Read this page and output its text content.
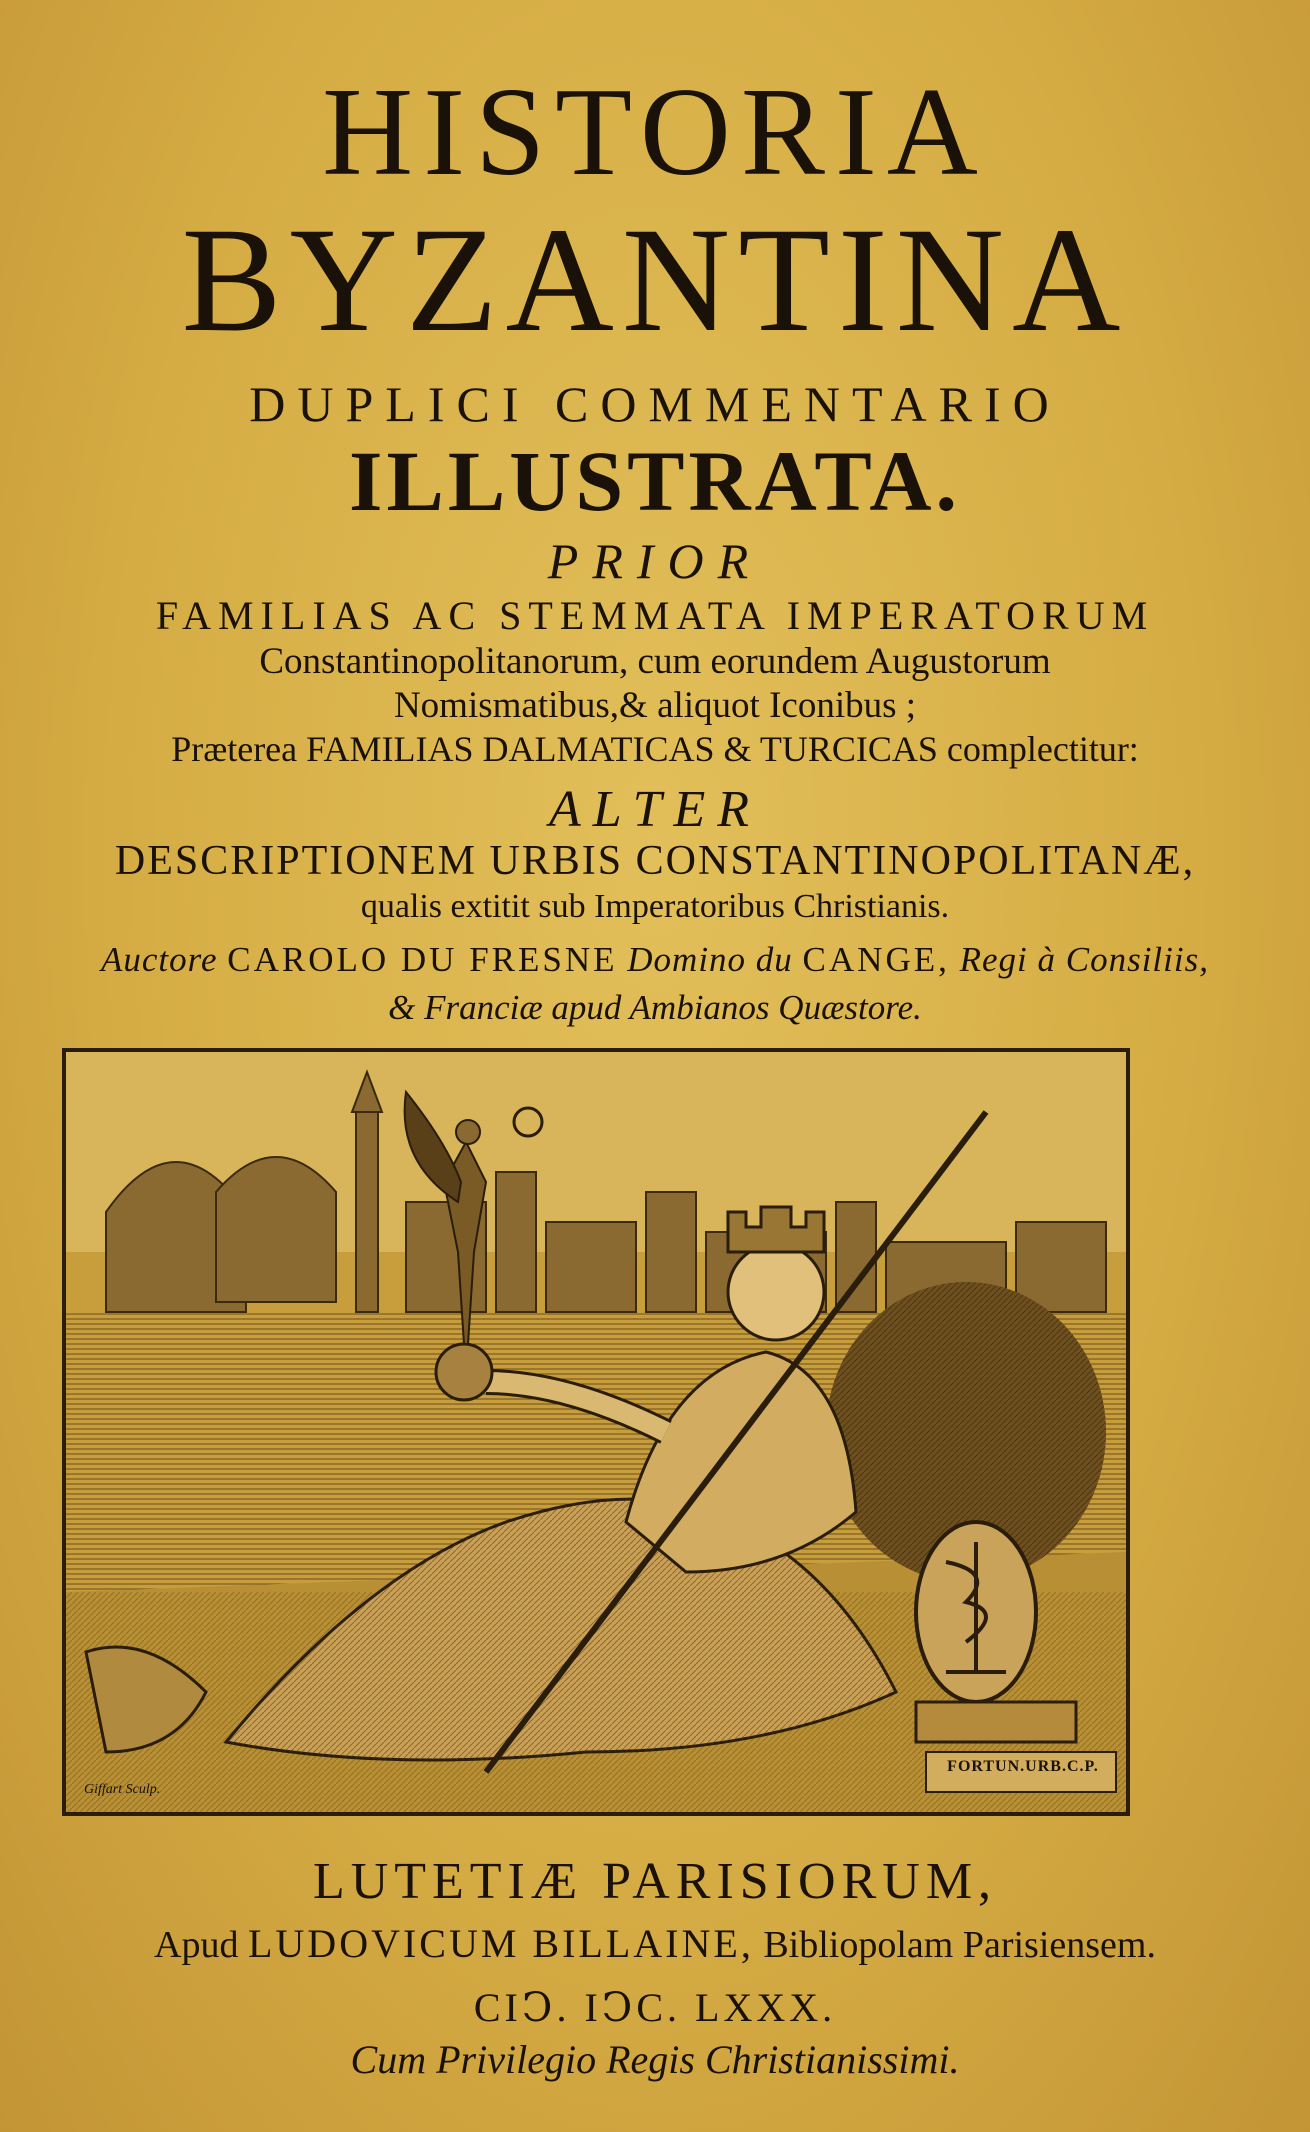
HISTORIA
BYZANTINA
DUPLICI COMMENTARIO
ILLUSTRATA.
PRIOR
FAMILIAS AC STEMMATA IMPERATORUM
Constantinopolitanorum, cum eorundem Augustorum
Nomismatibus,& aliquot Iconibus ;
Præterea FAMILIAS DALMATICAS & TURCICAS complectitur:
ALTER
DESCRIPTIONEM URBIS CONSTANTINOPOLITANÆ,
qualis extitit sub Imperatoribus Christianis.
Auctore CAROLO DU FRESNE Domino du CANGE, Regi à Consiliis,
& Franciæ apud Ambianos Quæstore.
FORTUN.URB.C.P.
Giffart Sculp.
LUTETIÆ PARISIORUM,
Apud LUDOVICUM BILLAINE, Bibliopolam Parisiensem.
CIↃ. IↃC. LXXX.
Cum Privilegio Regis Christianissimi.
